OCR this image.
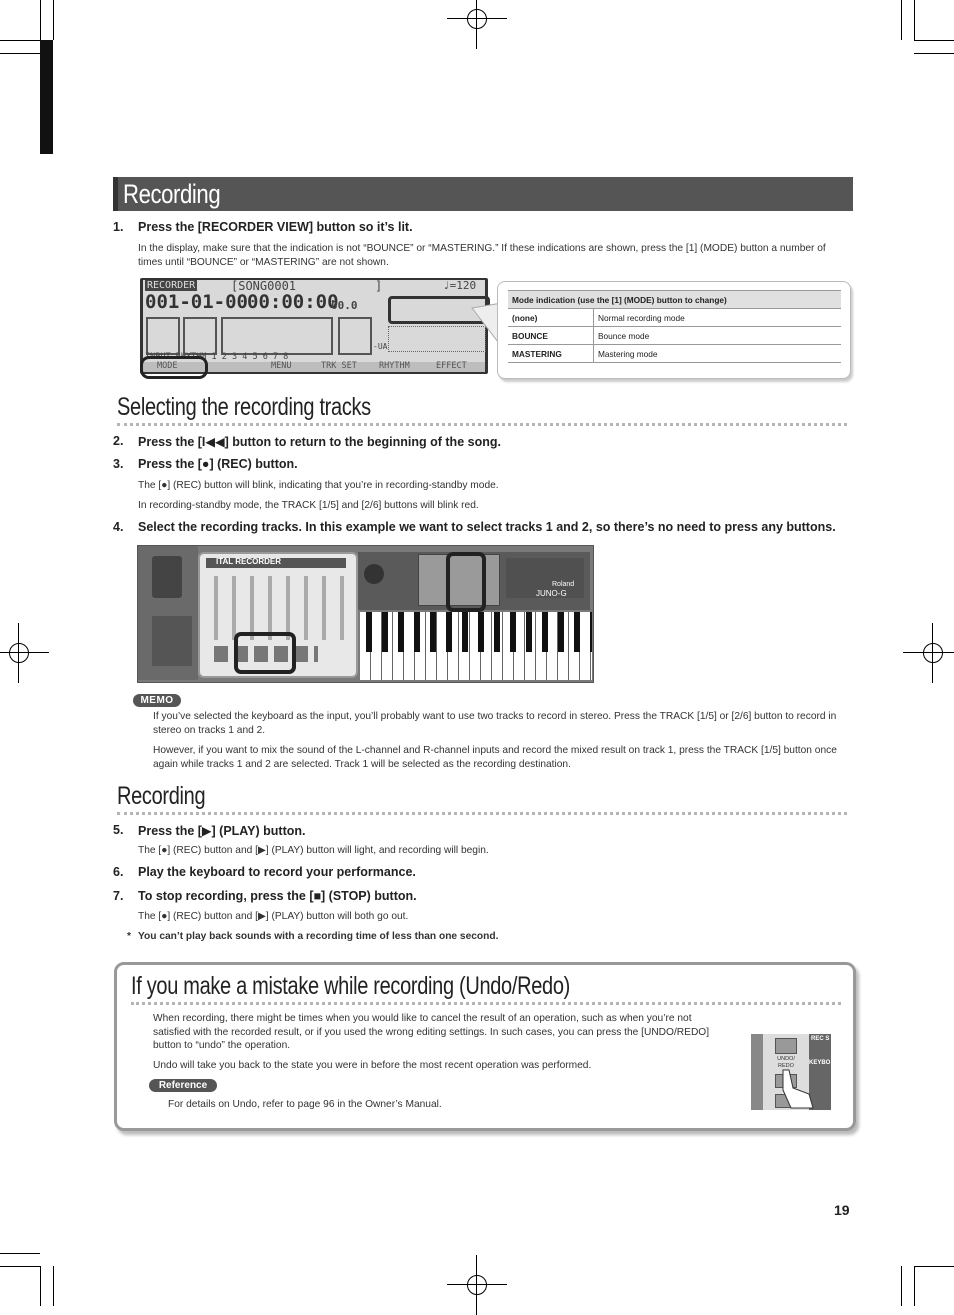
Recording
1. Press the [RECORDER VIEW] button so it’s lit.
In the display, make sure that the indication is not “BOUNCE” or “MASTERING.” If these indications are shown, press the [1] (MODE) button a number of times until “BOUNCE” or “MASTERING” are not shown.
RECORDER	[SONG0001	]	♩=120
001-01-00 00:00:00
00.0
-UA
INPUT RHYTHM 1 2 3 4 5 6 7 8
MODE	MENU	TRK SET	RHYTHM	EFFECT
Mode indication (use the [1] (MODE) button to change)	
(none)	Normal recording mode
BOUNCE	Bounce mode
MASTERING	Mastering mode
Selecting the recording tracks
2. Press the [I◀◀] button to return to the beginning of the song.
3. Press the [●] (REC) button.
The [●] (REC) button will blink, indicating that you’re in recording-standby mode.
In recording-standby mode, the TRACK [1/5] and [2/6] buttons will blink red.
4. Select the recording tracks. In this example we want to select tracks 1 and 2, so there’s no need to press any buttons.
Roland
JUNO-G
ITAL RECORDER
MEMO
If you’ve selected the keyboard as the input, you’ll probably want to use two tracks to record in stereo. Press the TRACK [1/5] or [2/6] button to record in stereo on tracks 1 and 2.
However, if you want to mix the sound of the L-channel and R-channel inputs and record the mixed result on track 1, press the TRACK [1/5] button once again while tracks 1 and 2 are selected. Track 1 will be selected as the recording destination.
Recording
5. Press the [▶] (PLAY) button.
The [●] (REC) button and [▶] (PLAY) button will light, and recording will begin.
6. Play the keyboard to record your performance.
7. To stop recording, press the [■] (STOP) button.
The [●] (REC) button and [▶] (PLAY) button will both go out.
* You can’t play back sounds with a recording time of less than one second.
If you make a mistake while recording (Undo/Redo)
When recording, there might be times when you would like to cancel the result of an operation, such as when you’re not satisfied with the recorded result, or if you used the wrong editing settings. In such cases, you can press the [UNDO/REDO] button to “undo” the operation.
Undo will take you back to the state you were in before the most recent operation was performed.
For details on Undo, refer to page 96 in the Owner’s Manual.
REC S
KEYBO
UNDO/ REDO
Reference
19
